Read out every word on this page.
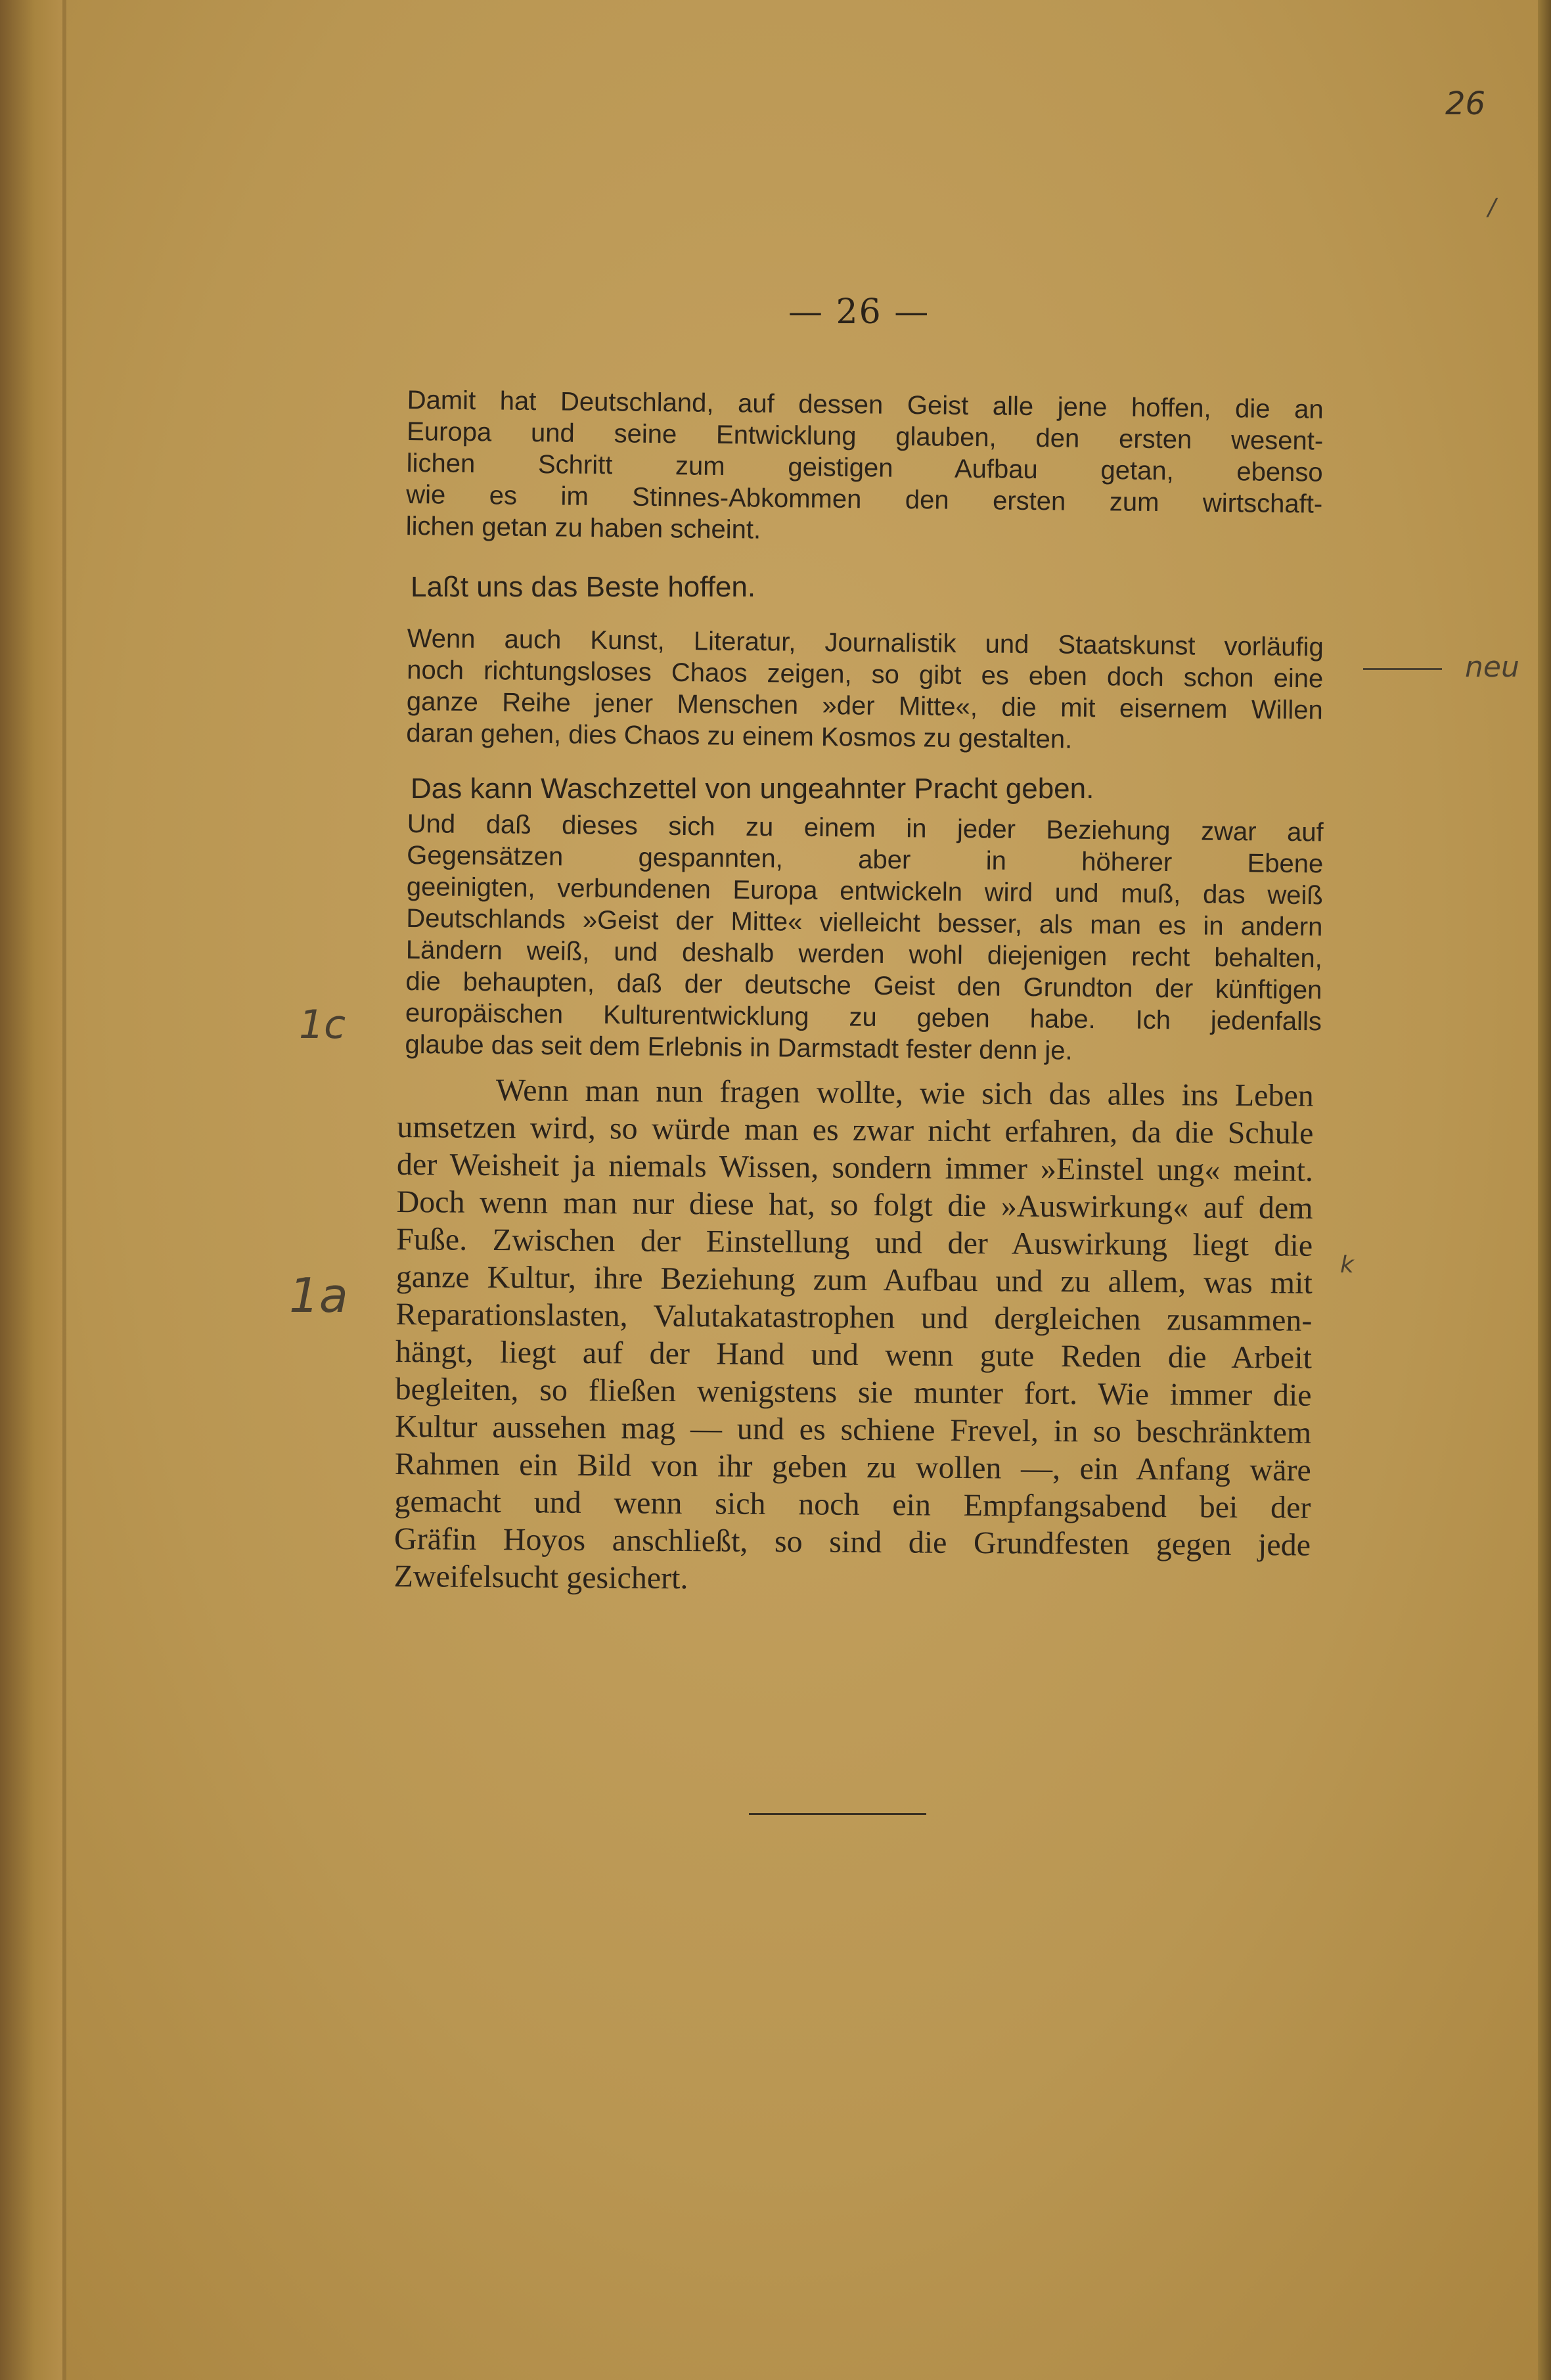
26
/
— 26 —
Damit hat Deutschland, auf dessen Geist alle jene hoffen, die an
Europa und seine Entwicklung glauben, den ersten wesent-
lichen Schritt zum geistigen Aufbau getan, ebenso
wie es im Stinnes-Abkommen den ersten zum wirtschaft-
lichen getan zu haben scheint.
Laßt uns das Beste hoffen.
Wenn auch Kunst, Literatur, Journalistik und Staatskunst vorläufig
noch richtungsloses Chaos zeigen, so gibt es eben doch schon eine
ganze Reihe jener Menschen »der Mitte«, die mit eisernem Willen
daran gehen, dies Chaos zu einem Kosmos zu gestalten.
Das kann Waschzettel von ungeahnter Pracht geben.
Und daß dieses sich zu einem in jeder Beziehung zwar auf
Gegensätzen gespannten, aber in höherer Ebene
geeinigten, verbundenen Europa entwickeln wird und muß, das weiß
Deutschlands »Geist der Mitte« vielleicht besser, als man es in andern
Ländern weiß, und deshalb werden wohl diejenigen recht behalten,
die behaupten, daß der deutsche Geist den Grundton der künftigen
europäischen Kulturentwicklung zu geben habe. Ich jedenfalls
glaube das seit dem Erlebnis in Darmstadt fester denn je.
Wenn man nun fragen wollte, wie sich das alles ins Leben
umsetzen wird, so würde man es zwar nicht erfahren, da die Schule
der Weisheit ja niemals Wissen, sondern immer »Einstel ung« meint.
Doch wenn man nur diese hat, so folgt die »Auswirkung« auf dem
Fuße. Zwischen der Einstellung und der Auswirkung liegt die
ganze Kultur, ihre Beziehung zum Aufbau und zu allem, was mit
Reparationslasten, Valutakatastrophen und dergleichen zusammen-
hängt, liegt auf der Hand und wenn gute Reden die Arbeit
begleiten, so fließen wenigstens sie munter fort. Wie immer die
Kultur aussehen mag — und es schiene Frevel, in so beschränktem
Rahmen ein Bild von ihr geben zu wollen —, ein Anfang wäre
gemacht und wenn sich noch ein Empfangsabend bei der
Gräfin Hoyos anschließt, so sind die Grundfesten gegen jede
Zweifelsucht gesichert.
neu
1c
1a
k
